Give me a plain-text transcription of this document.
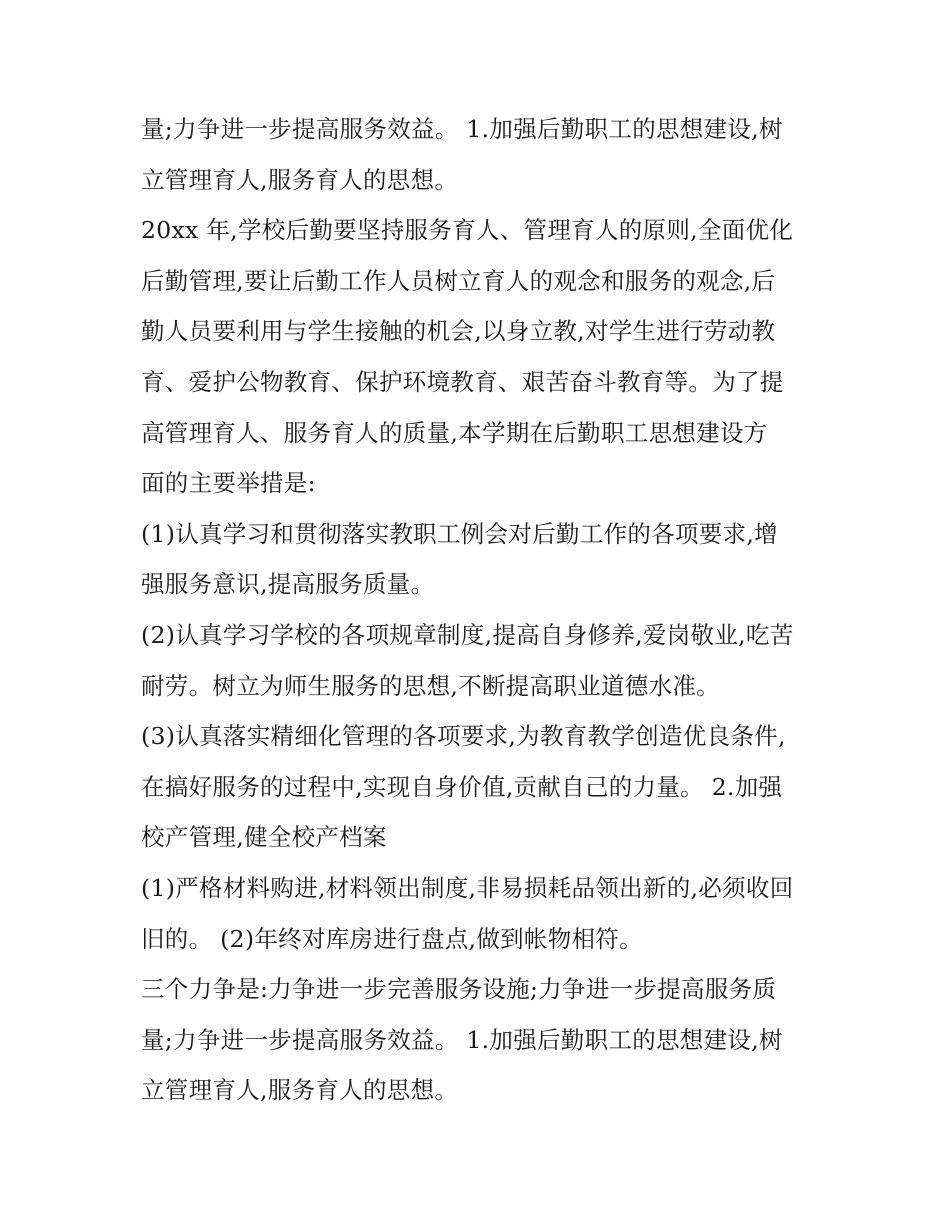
量;力争进一步提高服务效益。 1.加强后勤职工的思想建设,树
立管理育人,服务育人的思想。
20xx 年,学校后勤要坚持服务育人、管理育人的原则,全面优化
后勤管理,要让后勤工作人员树立育人的观念和服务的观念,后
勤人员要利用与学生接触的机会,以身立教,对学生进行劳动教
育、爱护公物教育、保护环境教育、艰苦奋斗教育等。为了提
高管理育人、服务育人的质量,本学期在后勤职工思想建设方
面的主要举措是:
(1)认真学习和贯彻落实教职工例会对后勤工作的各项要求,增
强服务意识,提高服务质量。
(2)认真学习学校的各项规章制度,提高自身修养,爱岗敬业,吃苦
耐劳。树立为师生服务的思想,不断提高职业道德水准。
(3)认真落实精细化管理的各项要求,为教育教学创造优良条件,
在搞好服务的过程中,实现自身价值,贡献自己的力量。 2.加强
校产管理,健全校产档案
(1)严格材料购进,材料领出制度,非易损耗品领出新的,必须收回
旧的。 (2)年终对库房进行盘点,做到帐物相符。
三个力争是:力争进一步完善服务设施;力争进一步提高服务质
量;力争进一步提高服务效益。 1.加强后勤职工的思想建设,树
立管理育人,服务育人的思想。
